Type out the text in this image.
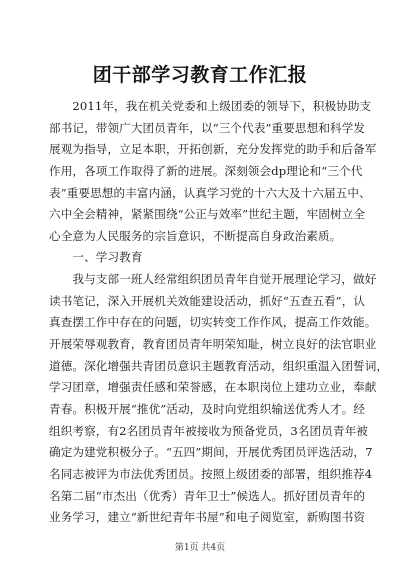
团干部学习教育工作汇报
　　2011年，我在机关党委和上级团委的领导下，积极协助支
部书记，带领广大团员青年，以“三个代表”重要思想和科学发
展观为指导，立足本职，开拓创新，充分发挥党的助手和后备军
作用，各项工作取得了新的进展。深刻领会dp理论和“三个代
表”重要思想的丰富内涵，认真学习党的十六大及十六届五中、
六中全会精神，紧紧围绕“公正与效率”世纪主题，牢固树立全
心全意为人民服务的宗旨意识，不断提高自身政治素质。
　　一、学习教育
　　我与支部一班人经常组织团员青年自觉开展理论学习，做好
读书笔记，深入开展机关效能建设活动，抓好“五查五看”，认
真查摆工作中存在的问题，切实转变工作作风，提高工作效能。
开展荣辱观教育，教育团员青年明荣知耻，树立良好的法官职业
道德。深化增强共青团员意识主题教育活动，组织重温入团誓词，
学习团章，增强责任感和荣誉感，在本职岗位上建功立业，奉献
青春。积极开展“推优”活动，及时向党组织输送优秀人才。经
组织考察，有2名团员青年被接收为预备党员，3名团员青年被
确定为建党积极分子。“五四”期间，开展优秀团员评选活动，7
名同志被评为市法优秀团员。按照上级团委的部署，组织推荐4
名第二届“市杰出（优秀）青年卫士”候选人。抓好团员青年的
业务学习，建立“新世纪青年书屋”和电子阅览室，新购图书资
第1页 共4页
